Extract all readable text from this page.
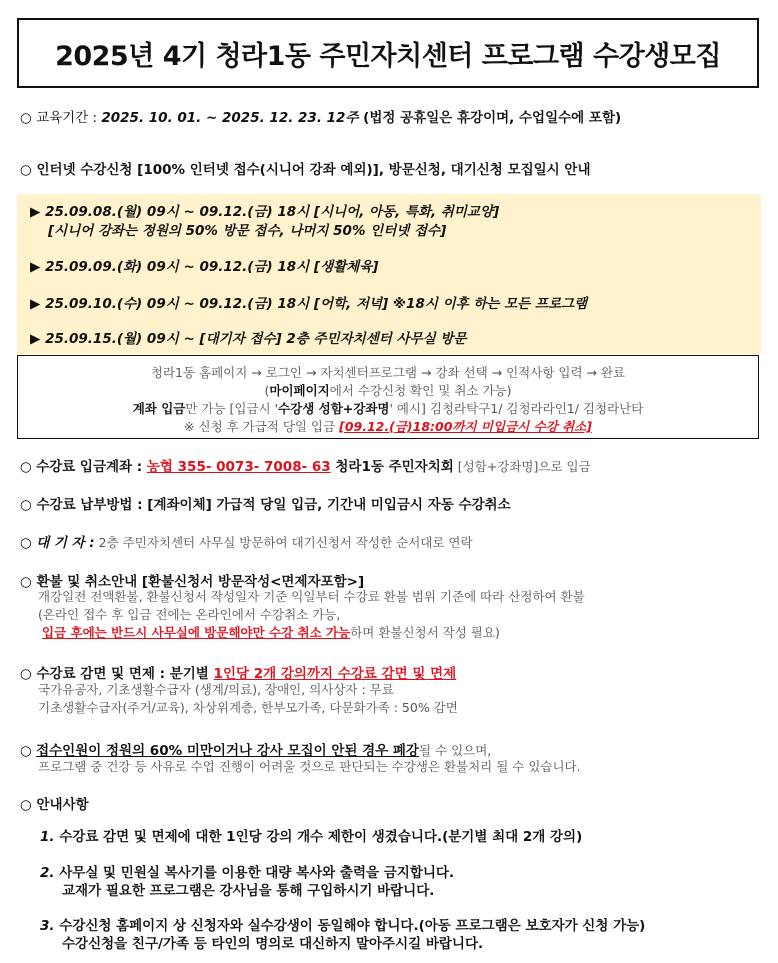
2025년 4기 청라1동 주민자치센터 프로그램 수강생모집
○ 교육기간 : 2025. 10. 01. ~ 2025. 12. 23. 12주 (법정 공휴일은 휴강이며, 수업일수에 포함)
○ 인터넷 수강신청 [100% 인터넷 접수(시니어 강좌 예외)], 방문신청, 대기신청 모집일시 안내
▶ 25.09.08.(월) 09시 ~ 09.12.(금) 18시 [시니어, 아동, 특화, 취미교양]
[시니어 강좌는 정원의 50% 방문 접수, 나머지 50% 인터넷 접수]
▶ 25.09.09.(화) 09시 ~ 09.12.(금) 18시 [생활체육]
▶ 25.09.10.(수) 09시 ~ 09.12.(금) 18시 [어학, 저녁] ※18시 이후 하는 모든 프로그램
▶ 25.09.15.(월) 09시 ~ [대기자 접수] 2층 주민자치센터 사무실 방문
청라1동 홈페이지 → 로그인 → 자치센터프로그램 → 강좌 선택 → 인적사항 입력 → 완료
(마이페이지에서 수강신청 확인 및 취소 가능)
계좌 입금만 가능 [입금시 '수강생 성함+강좌명' 예시] 김청라탁구1/ 김청라라인1/ 김청라난타
※ 신청 후 가급적 당일 입금 [09.12.(금)18:00까지 미입금시 수강 취소]
○ 수강료 입금계좌 : 농협 355- 0073- 7008- 63 청라1동 주민자치회 [성함+강좌명]으로 입금
○ 수강료 납부방법 : [계좌이체] 가급적 당일 입금, 기간내 미입금시 자동 수강취소
○ 대 기 자 : 2층 주민자치센터 사무실 방문하여 대기신청서 작성한 순서대로 연락
○ 환불 및 취소안내 [환불신청서 방문작성<면제자포함>]
개강일전 전액환불, 환불신청서 작성일자 기준 익일부터 수강료 환불 범위 기준에 따라 산정하여 환불
(온라인 접수 후 입금 전에는 온라인에서 수강취소 가능,
입금 후에는 반드시 사무실에 방문해야만 수강 취소 가능하며 환불신청서 작성 필요)
○ 수강료 감면 및 면제 : 분기별 1인당 2개 강의까지 수강료 감면 및 면제
국가유공자, 기초생활수급자 (생계/의료), 장애인, 의사상자 : 무료
기초생활수급자(주거/교육), 차상위계층, 한부모가족, 다문화가족 : 50% 감면
○ 접수인원이 정원의 60% 미만이거나 강사 모집이 안된 경우 폐강될 수 있으며,
프로그램 중 건강 등 사유로 수업 진행이 어려울 것으로 판단되는 수강생은 환불처리 될 수 있습니다.
○ 안내사항
1. 수강료 감면 및 면제에 대한 1인당 강의 개수 제한이 생겼습니다.(분기별 최대 2개 강의)
2. 사무실 및 민원실 복사기를 이용한 대량 복사와 출력을 금지합니다.
교재가 필요한 프로그램은 강사님을 통해 구입하시기 바랍니다.
3. 수강신청 홈페이지 상 신청자와 실수강생이 동일해야 합니다.(아동 프로그램은 보호자가 신청 가능)
수강신청을 친구/가족 등 타인의 명의로 대신하지 말아주시길 바랍니다.
